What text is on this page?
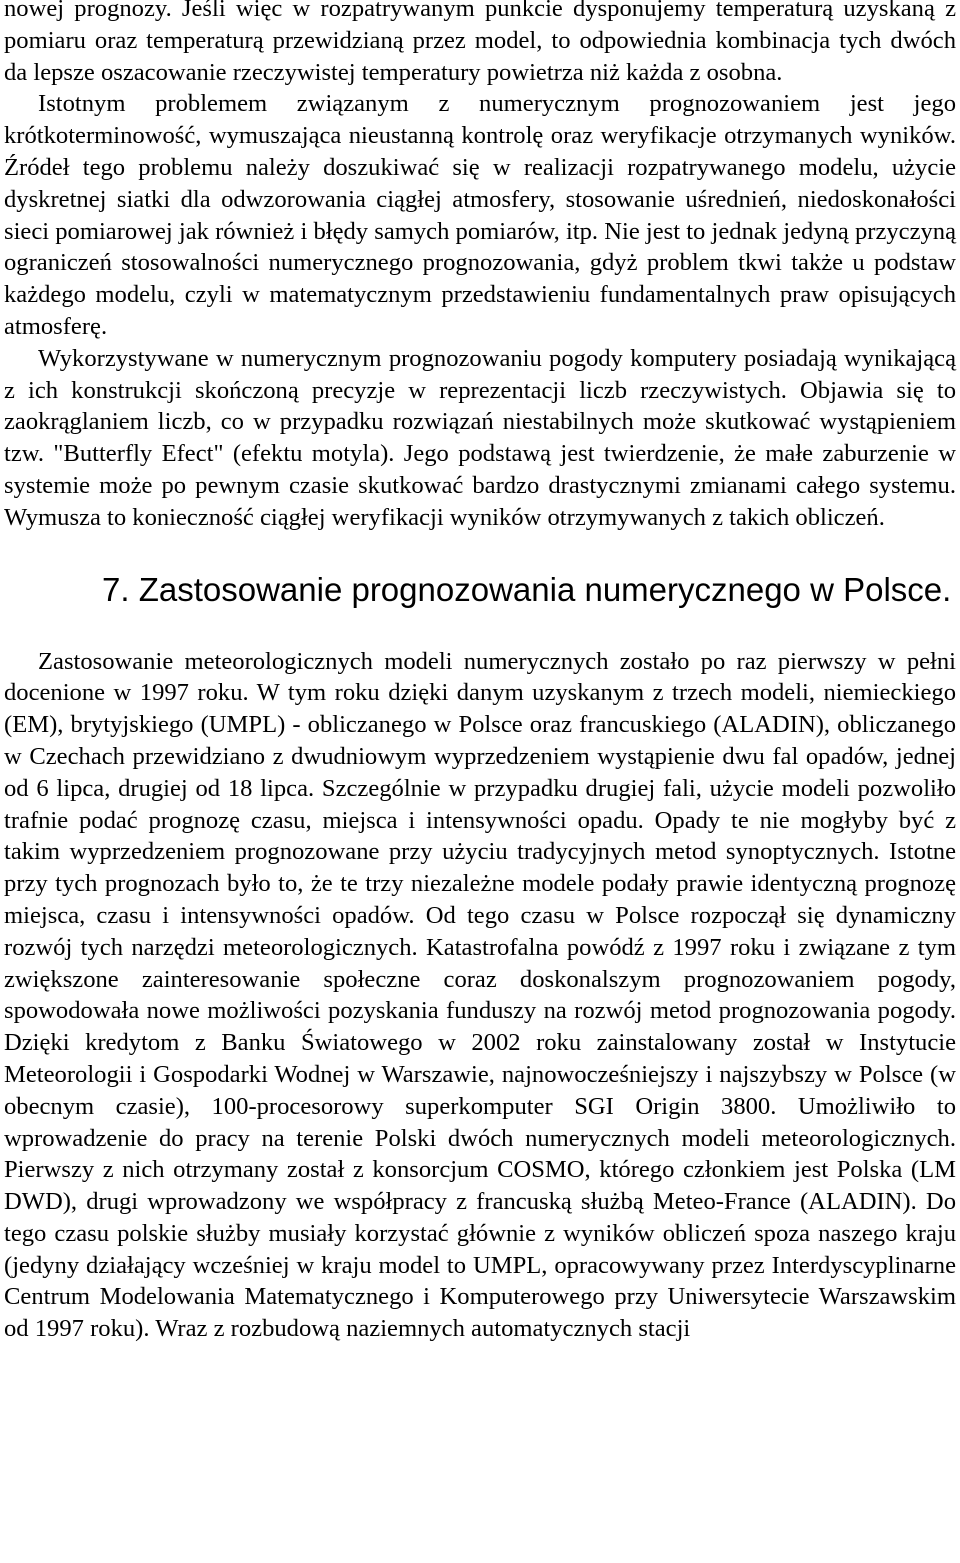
nowej prognozy. Jeśli więc w rozpatrywanym punkcie dysponujemy temperaturą uzyskaną z pomiaru oraz temperaturą przewidzianą przez model, to odpowiednia kombinacja tych dwóch da lepsze oszacowanie rzeczywistej temperatury powietrza niż każda z osobna.

Istotnym problemem związanym z numerycznym prognozowaniem jest jego krótkoterminowość, wymuszająca nieustanną kontrolę oraz weryfikacje otrzymanych wyników. Źródeł tego problemu należy doszukiwać się w realizacji rozpatrywanego modelu, użycie dyskretnej siatki dla odwzorowania ciągłej atmosfery, stosowanie uśrednień, niedoskonałości sieci pomiarowej jak również i błędy samych pomiarów, itp. Nie jest to jednak jedyną przyczyną ograniczeń stosowalności numerycznego prognozowania, gdyż problem tkwi także u podstaw każdego modelu, czyli w matematycznym przedstawieniu fundamentalnych praw opisujących atmosferę.

Wykorzystywane w numerycznym prognozowaniu pogody komputery posiadają wynikającą z ich konstrukcji skończoną precyzje w reprezentacji liczb rzeczywistych. Objawia się to zaokrąglaniem liczb, co w przypadku rozwiązań niestabilnych może skutkować wystąpieniem tzw. "Butterfly Efect" (efektu motyla). Jego podstawą jest twierdzenie, że małe zaburzenie w systemie może po pewnym czasie skutkować bardzo drastycznymi zmianami całego systemu. Wymusza to konieczność ciągłej weryfikacji wyników otrzymywanych z takich obliczeń.

7. Zastosowanie prognozowania numerycznego w Polsce.

Zastosowanie meteorologicznych modeli numerycznych zostało po raz pierwszy w pełni docenione w 1997 roku. W tym roku dzięki danym uzyskanym z trzech modeli, niemieckiego (EM), brytyjskiego (UMPL) - obliczanego w Polsce oraz francuskiego (ALADIN), obliczanego w Czechach przewidziano z dwudniowym wyprzedzeniem wystąpienie dwu fal opadów, jednej od 6 lipca, drugiej od 18 lipca. Szczególnie w przypadku drugiej fali, użycie modeli pozwoliło trafnie podać prognozę czasu, miejsca i intensywności opadu. Opady te nie mogłyby być z takim wyprzedzeniem prognozowane przy użyciu tradycyjnych metod synoptycznych. Istotne przy tych prognozach było to, że te trzy niezależne modele podały prawie identyczną prognozę miejsca, czasu i intensywności opadów. Od tego czasu w Polsce rozpoczął się dynamiczny rozwój tych narzędzi meteorologicznych. Katastrofalna powódź z 1997 roku i związane z tym zwiększone zainteresowanie społeczne coraz doskonalszym prognozowaniem pogody, spowodowała nowe możliwości pozyskania funduszy na rozwój metod prognozowania pogody. Dzięki kredytom z Banku Światowego w 2002 roku zainstalowany został w Instytucie Meteorologii i Gospodarki Wodnej w Warszawie, najnowocześniejszy i najszybszy w Polsce (w obecnym czasie), 100-procesorowy superkomputer SGI Origin 3800. Umożliwiło to wprowadzenie do pracy na terenie Polski dwóch numerycznych modeli meteorologicznych. Pierwszy z nich otrzymany został z konsorcjum COSMO, którego członkiem jest Polska (LM DWD), drugi wprowadzony we współpracy z francuską służbą Meteo-France (ALADIN). Do tego czasu polskie służby musiały korzystać głównie z wyników obliczeń spoza naszego kraju (jedyny działający wcześniej w kraju model to UMPL, opracowywany przez Interdyscyplinarne Centrum Modelowania Matematycznego i Komputerowego przy Uniwersytecie Warszawskim od 1997 roku). Wraz z rozbudową naziemnych automatycznych stacji
